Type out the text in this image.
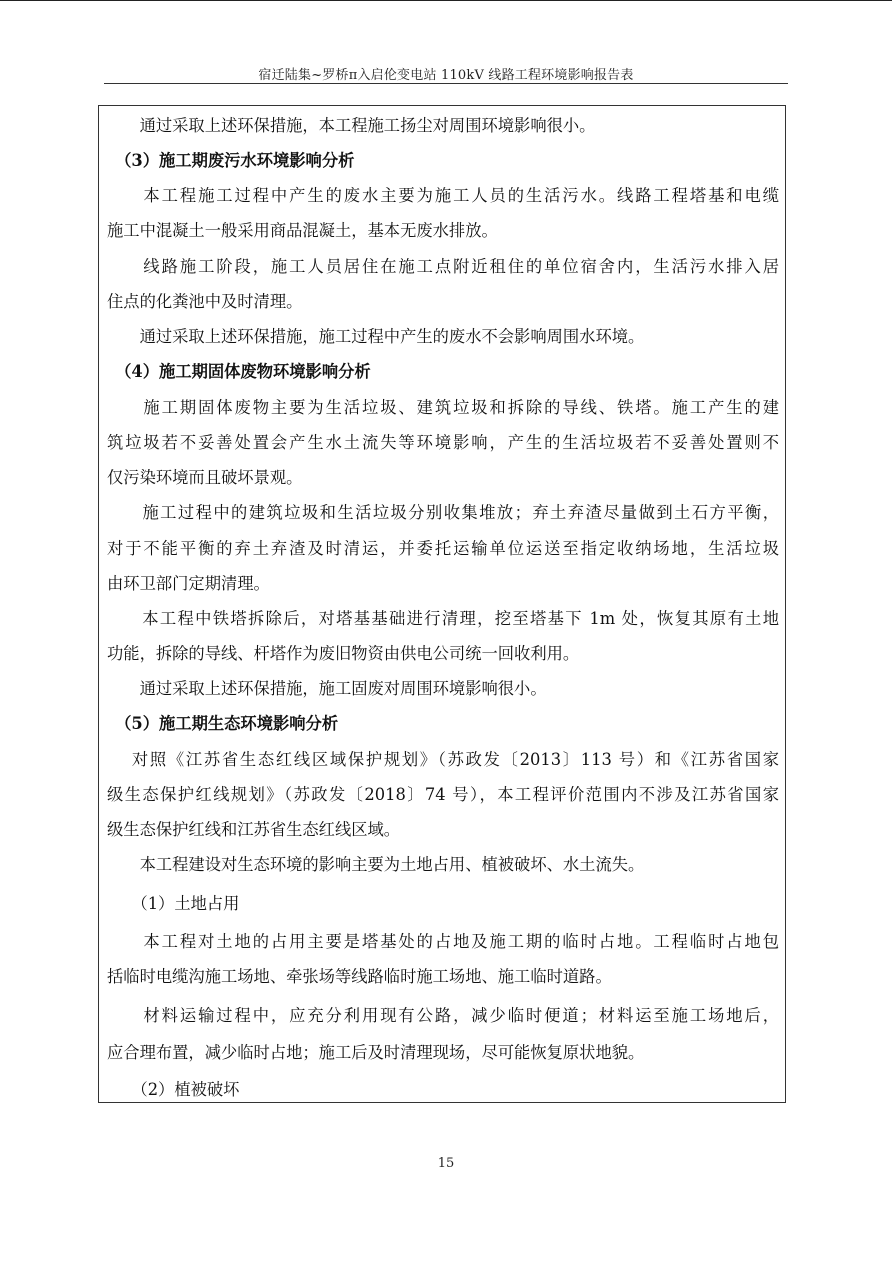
宿迁陆集~罗桥π入启伦变电站 110kV 线路工程环境影响报告表
　　通过采取上述环保措施，本工程施工扬尘对周围环境影响很小。
　（3）施工期废污水环境影响分析
　　本工程施工过程中产生的废水主要为施工人员的生活污水。线路工程塔基和电缆
施工中混凝土一般采用商品混凝土，基本无废水排放。
　　线路施工阶段，施工人员居住在施工点附近租住的单位宿舍内，生活污水排入居
住点的化粪池中及时清理。
　　通过采取上述环保措施，施工过程中产生的废水不会影响周围水环境。
　（4）施工期固体废物环境影响分析
　　施工期固体废物主要为生活垃圾、建筑垃圾和拆除的导线、铁塔。施工产生的建
筑垃圾若不妥善处置会产生水土流失等环境影响，产生的生活垃圾若不妥善处置则不
仅污染环境而且破坏景观。
　　施工过程中的建筑垃圾和生活垃圾分别收集堆放；弃土弃渣尽量做到土石方平衡，
对于不能平衡的弃土弃渣及时清运，并委托运输单位运送至指定收纳场地，生活垃圾
由环卫部门定期清理。
　　本工程中铁塔拆除后，对塔基基础进行清理，挖至塔基下 1m 处，恢复其原有土地
功能，拆除的导线、杆塔作为废旧物资由供电公司统一回收利用。
　　通过采取上述环保措施，施工固废对周围环境影响很小。
　（5）施工期生态环境影响分析
　 对照《江苏省生态红线区域保护规划》（苏政发〔2013〕113 号）和《江苏省国家
级生态保护红线规划》（苏政发〔2018〕74 号），本工程评价范围内不涉及江苏省国家
级生态保护红线和江苏省生态红线区域。
　　本工程建设对生态环境的影响主要为土地占用、植被破坏、水土流失。
　　（1）土地占用
　　本工程对土地的占用主要是塔基处的占地及施工期的临时占地。工程临时占地包
括临时电缆沟施工场地、牵张场等线路临时施工场地、施工临时道路。
　　材料运输过程中，应充分利用现有公路，减少临时便道；材料运至施工场地后，
应合理布置，减少临时占地；施工后及时清理现场，尽可能恢复原状地貌。
　　（2）植被破坏
15
